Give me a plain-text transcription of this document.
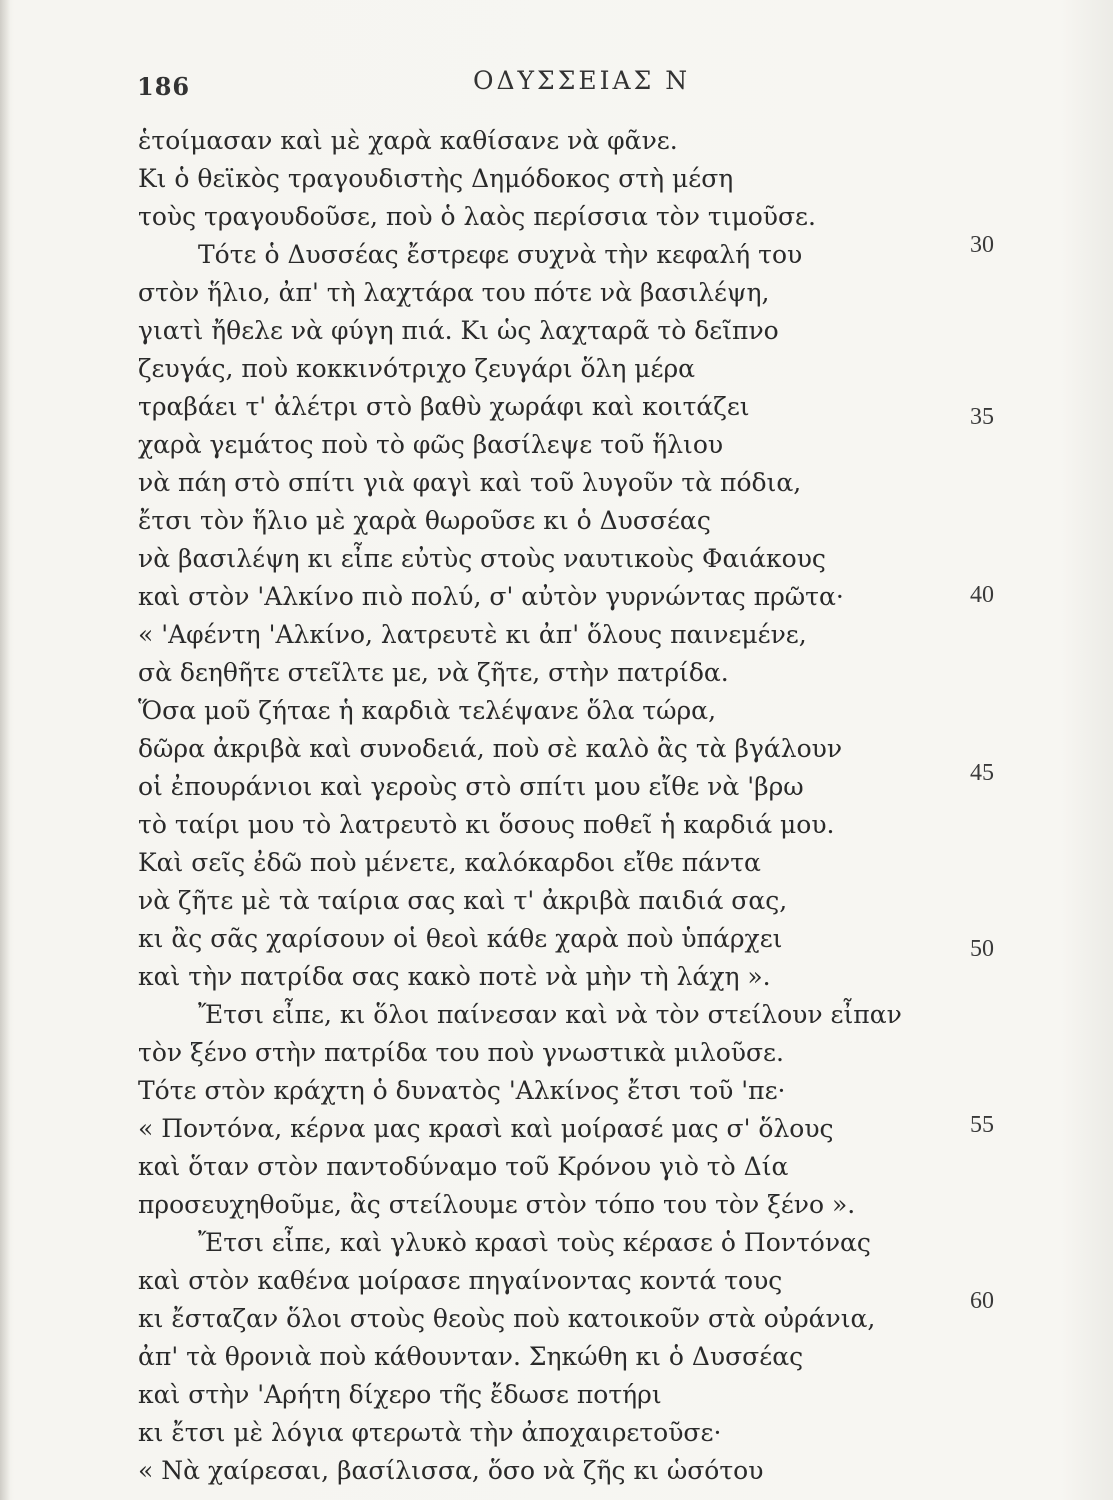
186	ΟΔΥΣΣΕΙΑΣ Ν
ἑτοίμασαν καὶ μὲ χαρὰ καθίσανε νὰ φᾶνε.
Κι ὁ θεϊκὸς τραγουδιστὴς Δημόδοκος στὴ μέση
τοὺς τραγουδοῦσε, ποὺ ὁ λαὸς περίσσια τὸν τιμοῦσε.
Τότε ὁ Δυσσέας ἔστρεφε συχνὰ τὴν κεφαλή του
στὸν ἥλιο, ἀπ' τὴ λαχτάρα του πότε νὰ βασιλέψη,
γιατὶ ἤθελε νὰ φύγη πιά. Κι ὡς λαχταρᾶ τὸ δεῖπνο
ζευγάς, ποὺ κοκκινότριχο ζευγάρι ὅλη μέρα
τραβάει τ' ἀλέτρι στὸ βαθὺ χωράφι καὶ κοιτάζει
χαρὰ γεμάτος ποὺ τὸ φῶς βασίλεψε τοῦ ἥλιου
νὰ πάη στὸ σπίτι γιὰ φαγὶ καὶ τοῦ λυγοῦν τὰ πόδια,
ἔτσι τὸν ἥλιο μὲ χαρὰ θωροῦσε κι ὁ Δυσσέας
νὰ βασιλέψη κι εἶπε εὐτὺς στοὺς ναυτικοὺς Φαιάκους
καὶ στὸν 'Αλκίνο πιὸ πολύ, σ' αὐτὸν γυρνώντας πρῶτα·
« 'Αφέντη 'Αλκίνο, λατρευτὲ κι ἀπ' ὅλους παινεμένε,
σὰ δεηθῆτε στεῖλτε με, νὰ ζῆτε, στὴν πατρίδα.
Ὅσα μοῦ ζήταε ἡ καρδιὰ τελέψανε ὅλα τώρα,
δῶρα ἀκριβὰ καὶ συνοδειά, ποὺ σὲ καλὸ ἂς τὰ βγάλουν
οἱ ἐπουράνιοι καὶ γεροὺς στὸ σπίτι μου εἴθε νὰ 'βρω
τὸ ταίρι μου τὸ λατρευτὸ κι ὅσους ποθεῖ ἡ καρδιά μου.
Καὶ σεῖς ἐδῶ ποὺ μένετε, καλόκαρδοι εἴθε πάντα
νὰ ζῆτε μὲ τὰ ταίρια σας καὶ τ' ἀκριβὰ παιδιά σας,
κι ἂς σᾶς χαρίσουν οἱ θεοὶ κάθε χαρὰ ποὺ ὑπάρχει
καὶ τὴν πατρίδα σας κακὸ ποτὲ νὰ μὴν τὴ λάχη ».
Ἔτσι εἶπε, κι ὅλοι παίνεσαν καὶ νὰ τὸν στείλουν εἶπαν
τὸν ξένο στὴν πατρίδα του ποὺ γνωστικὰ μιλοῦσε.
Τότε στὸν κράχτη ὁ δυνατὸς 'Αλκίνος ἔτσι τοῦ 'πε·
« Ποντόνα, κέρνα μας κρασὶ καὶ μοίρασέ μας σ' ὅλους
καὶ ὅταν στὸν παντοδύναμο τοῦ Κρόνου γιὸ τὸ Δία
προσευχηθοῦμε, ἂς στείλουμε στὸν τόπο του τὸν ξένο ».
Ἔτσι εἶπε, καὶ γλυκὸ κρασὶ τοὺς κέρασε ὁ Ποντόνας
καὶ στὸν καθένα μοίρασε πηγαίνοντας κοντά τους
κι ἔσταζαν ὅλοι στοὺς θεοὺς ποὺ κατοικοῦν στὰ οὐράνια,
ἀπ' τὰ θρονιὰ ποὺ κάθουνταν. Σηκώθη κι ὁ Δυσσέας
καὶ στὴν 'Αρήτη δίχερο τῆς ἔδωσε ποτήρι
κι ἔτσι μὲ λόγια φτερωτὰ τὴν ἀποχαιρετοῦσε·
« Νὰ χαίρεσαι, βασίλισσα, ὅσο νὰ ζῆς κι ὡσότου
30
35
40
45
50
55
60
